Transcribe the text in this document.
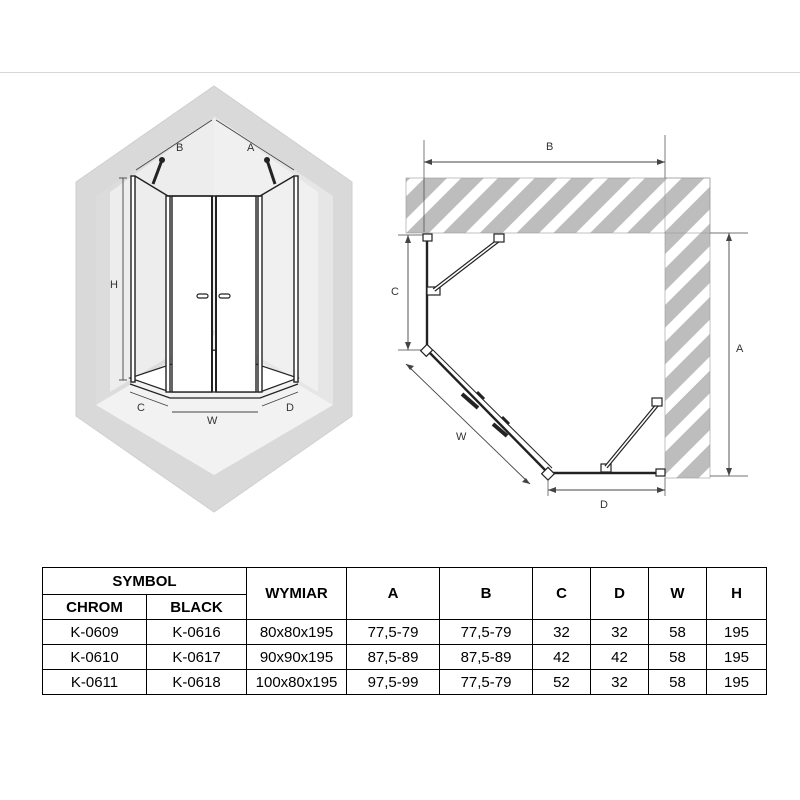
B	A
H
C
W
D
B
A
C
D
W
SYMBOL		WYMIAR	A	B	C	D	W	H
CHROM	BLACK							
K-0609	K-0616	80x80x195	77,5-79	77,5-79	32	32	58	195
K-0610	K-0617	90x90x195	87,5-89	87,5-89	42	42	58	195
K-0611	K-0618	100x80x195	97,5-99	77,5-79	52	32	58	195
